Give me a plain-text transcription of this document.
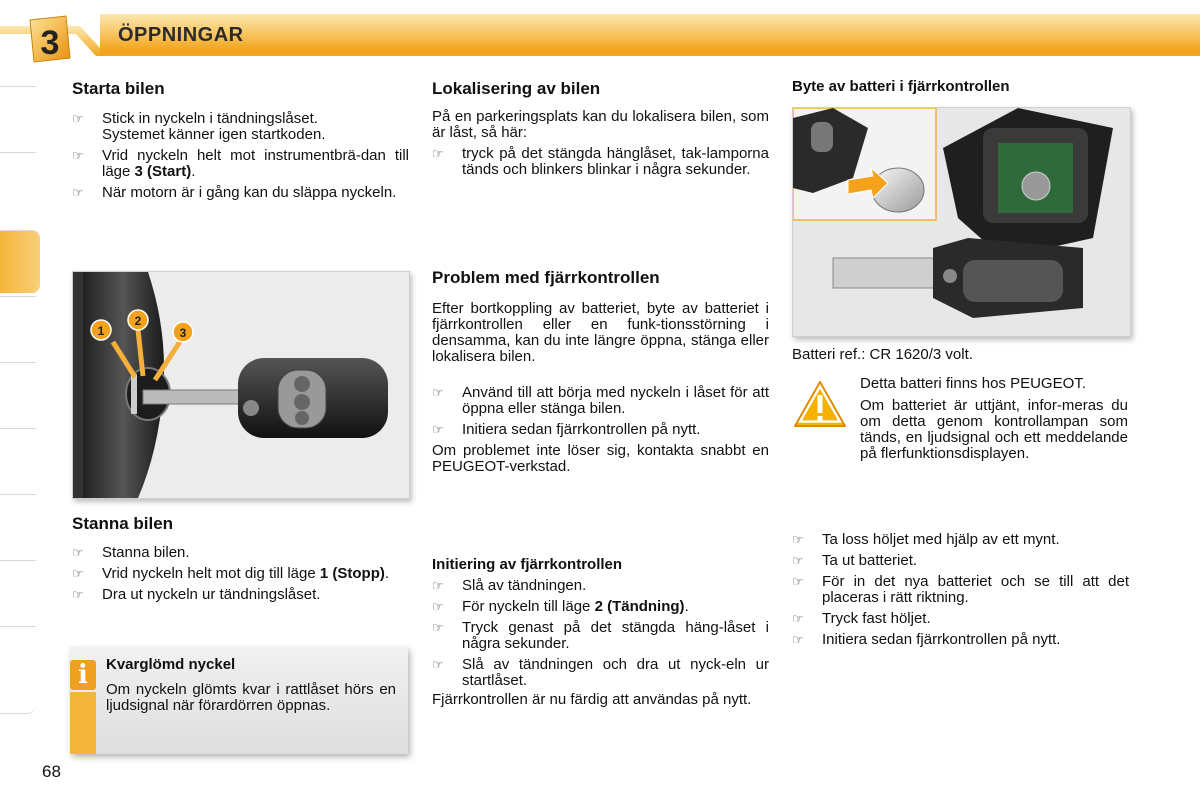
3	ÖPPNINGAR
Starta bilen
☞ Stick in nyckeln i tändningslåset.
Systemet känner igen startkoden.
☞ Vrid nyckeln helt mot instrumentbrä-dan till läge 3 (Start).
☞ När motorn är i gång kan du släppa nyckeln.
1
2
3
Stanna bilen
☞ Stanna bilen.
☞ Vrid nyckeln helt mot dig till läge 1 (Stopp).
☞ Dra ut nyckeln ur tändningslåset.
i	Kvarglömd nyckel
Om nyckeln glömts kvar i rattlåset hörs en ljudsignal när förardörren öppnas.
Lokalisering av bilen
På en parkeringsplats kan du lokalisera bilen, som är låst, så här:
☞ tryck på det stängda hänglåset, tak-lamporna tänds och blinkers blinkar i några sekunder.
Problem med fjärrkontrollen
Efter bortkoppling av batteriet, byte av batteriet i fjärrkontrollen eller en funk-tionsstörning i densamma, kan du inte längre öppna, stänga eller lokalisera bilen.
☞ Använd till att börja med nyckeln i låset för att öppna eller stänga bilen.
☞ Initiera sedan fjärrkontrollen på nytt.
Om problemet inte löser sig, kontakta snabbt en PEUGEOT-verkstad.
Initiering av fjärrkontrollen
☞ Slå av tändningen.
☞ För nyckeln till läge 2 (Tändning).
☞ Tryck genast på det stängda häng-låset i några sekunder.
☞ Slå av tändningen och dra ut nyck-eln ur startlåset.
Fjärrkontrollen är nu färdig att användas på nytt.
Byte av batteri i fjärrkontrollen
Batteri ref.: CR 1620/3 volt.
Detta batteri finns hos PEUGEOT.
Om batteriet är uttjänt, infor-meras du om detta genom kontrollampan som tänds, en ljudsignal och ett meddelande på flerfunktionsdisplayen.
☞ Ta loss höljet med hjälp av ett mynt.
☞ Ta ut batteriet.
☞ För in det nya batteriet och se till att det placeras i rätt riktning.
☞ Tryck fast höljet.
☞ Initiera sedan fjärrkontrollen på nytt.
68
